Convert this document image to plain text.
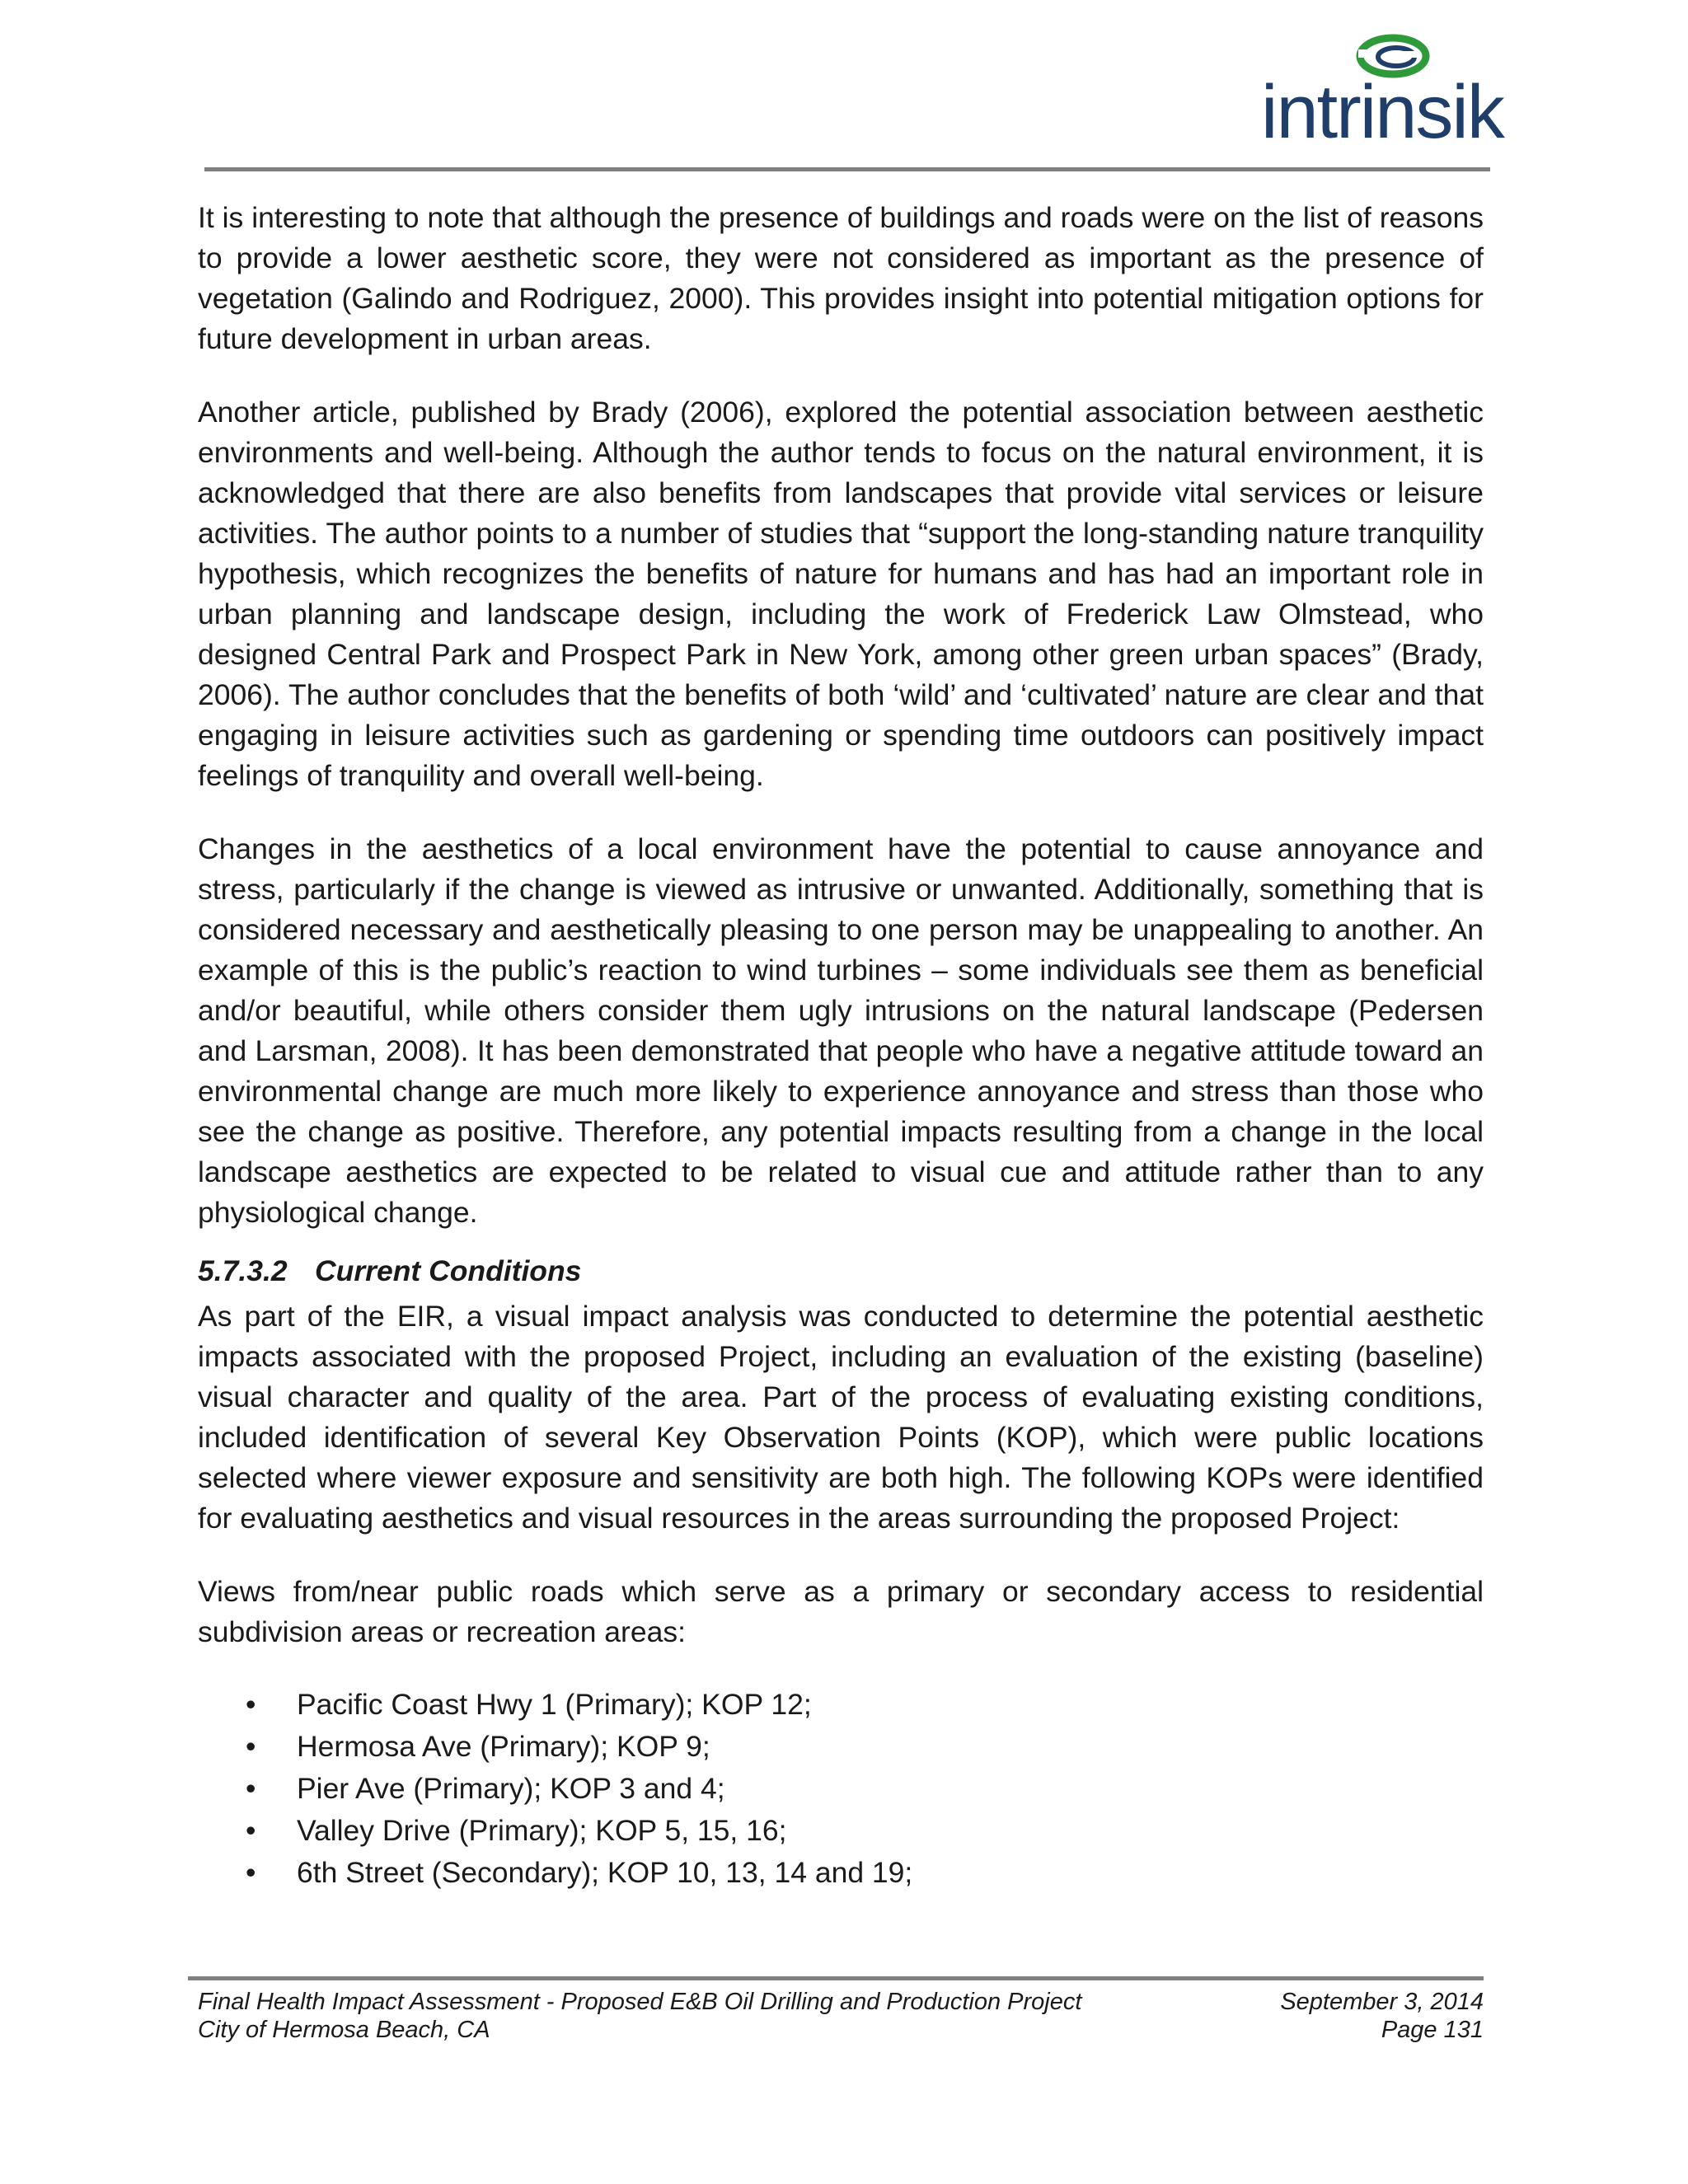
intrinsik

It is interesting to note that although the presence of buildings and roads were on the list of reasons to provide a lower aesthetic score, they were not considered as important as the presence of vegetation (Galindo and Rodriguez, 2000). This provides insight into potential mitigation options for future development in urban areas.

Another article, published by Brady (2006), explored the potential association between aesthetic environments and well-being. Although the author tends to focus on the natural environment, it is acknowledged that there are also benefits from landscapes that provide vital services or leisure activities. The author points to a number of studies that “support the long-standing nature tranquility hypothesis, which recognizes the benefits of nature for humans and has had an important role in urban planning and landscape design, including the work of Frederick Law Olmstead, who designed Central Park and Prospect Park in New York, among other green urban spaces” (Brady, 2006). The author concludes that the benefits of both ‘wild’ and ‘cultivated’ nature are clear and that engaging in leisure activities such as gardening or spending time outdoors can positively impact feelings of tranquility and overall well-being.

Changes in the aesthetics of a local environment have the potential to cause annoyance and stress, particularly if the change is viewed as intrusive or unwanted. Additionally, something that is considered necessary and aesthetically pleasing to one person may be unappealing to another. An example of this is the public’s reaction to wind turbines – some individuals see them as beneficial and/or beautiful, while others consider them ugly intrusions on the natural landscape (Pedersen and Larsman, 2008). It has been demonstrated that people who have a negative attitude toward an environmental change are much more likely to experience annoyance and stress than those who see the change as positive. Therefore, any potential impacts resulting from a change in the local landscape aesthetics are expected to be related to visual cue and attitude rather than to any physiological change.

5.7.3.2 Current Conditions

As part of the EIR, a visual impact analysis was conducted to determine the potential aesthetic impacts associated with the proposed Project, including an evaluation of the existing (baseline) visual character and quality of the area. Part of the process of evaluating existing conditions, included identification of several Key Observation Points (KOP), which were public locations selected where viewer exposure and sensitivity are both high. The following KOPs were identified for evaluating aesthetics and visual resources in the areas surrounding the proposed Project:

Views from/near public roads which serve as a primary or secondary access to residential subdivision areas or recreation areas:

• Pacific Coast Hwy 1 (Primary); KOP 12;
• Hermosa Ave (Primary); KOP 9;
• Pier Ave (Primary); KOP 3 and 4;
• Valley Drive (Primary); KOP 5, 15, 16;
• 6th Street (Secondary); KOP 10, 13, 14 and 19;
Final Health Impact Assessment - Proposed E&B Oil Drilling and Production Project	September 3, 2014
City of Hermosa Beach, CA	Page 131
